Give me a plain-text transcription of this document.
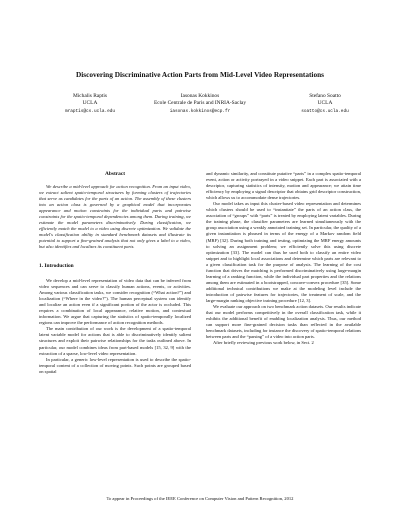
Discovering Discriminative Action Parts from Mid-Level Video Representations
Michalis Raptis
UCLA
mraptis@cs.ucla.edu
Iasonas Kokkinos
Ecole Centrale de Paris and INRIA-Saclay
iasonas.kokkinos@ecp.fr
Stefano Soatto
UCLA
soatto@cs.ucla.edu
Abstract

We describe a mid-level approach for action recognition. From an input video, we extract salient spatio-temporal structures by forming clusters of trajectories that serve as candidates for the parts of an action. The assembly of these clusters into an action class is governed by a graphical model that incorporates appearance and motion constraints for the individual parts and pairwise constraints for the spatio-temporal dependencies among them. During training, we estimate the model parameters discriminatively. During classification, we efficiently match the model to a video using discrete optimization. We validate the model's classification ability in standard benchmark datasets and illustrate its potential to support a fine-grained analysis that not only gives a label to a video, but also identifies and localizes its constituent parts.

1. Introduction

We develop a mid-level representation of video data that can be inferred from video sequences and can serve to classify human actions, events, or activities. Among various classification tasks, we consider recognition (“What action?”) and localization (“Where in the video?”). The human perceptual system can identify and localize an action even if a significant portion of the actor is occluded. This requires a combination of local appearance, relative motion, and contextual information. We argue that capturing the statistics of spatio-temporally localized regions can improve the performance of action recognition methods.

The main contribution of our work is the development of a spatio-temporal latent variable model for actions that is able to discriminatively identify salient structures and exploit their pairwise relationships for the tasks outlined above. In particular, our model combines ideas from part-based models [15, 32, 9] with the extraction of a sparse, low-level video representation.

In particular, a generic low-level representation is used to describe the spatio-temporal content of a collection of moving points. Such points are grouped based on spatial

and dynamic similarity, and constitute putative “parts” in a complex spatio-temporal event, action or activity portrayed in a video snippet. Each part is associated with a descriptor, capturing statistics of intensity, motion and appearance; we attain time efficiency by employing a signal descriptor that obtains grid descriptor construction, which allows us to accommodate dense trajectories.

Our model takes as input this cluster-based video representation and determines which clusters should be used to “instantiate” the parts of an action class, the association of “groups” with “parts” is treated by employing latent variables. During the training phase, the classifier parameters are learned simultaneously with the group association using a weakly annotated training set. In particular, the quality of a given instantiation is phrased in terms of the energy of a Markov random field (MRF) [32]. During both training and testing, optimizing the MRF energy amounts to solving an assignment problem; we efficiently solve this using discrete optimization [33]. The model can thus be used both to classify an entire video snippet and to highlight local associations and determine which parts are relevant to a given classification task for the purpose of analysis. The learning of the cost function that drives the matching is performed discriminatively using large-margin learning of a ranking function, while the individual part properties and the relations among them are estimated in a bootstrapped, concave-convex procedure [35]. Some additional technical contributions we make at the modeling level include the introduction of pairwise features for trajectories, the treatment of scale, and the large-margin ranking objective training procedure [12, 3].

We evaluate our approach on two benchmark action datasets. Our results indicate that our model performs competitively in the overall classification task, while it exhibits the additional benefit of enabling localization analysis. Thus, our method can support more fine-grained decision tasks than reflected in the available benchmark datasets, including for instance the discovery of spatio-temporal relations between parts and the “parsing” of a video into action parts.

After briefly reviewing previous work below, in Sect. 2

To appear in Proceedings of the IEEE Conference on Computer Vision and Pattern Recognition, 2012
